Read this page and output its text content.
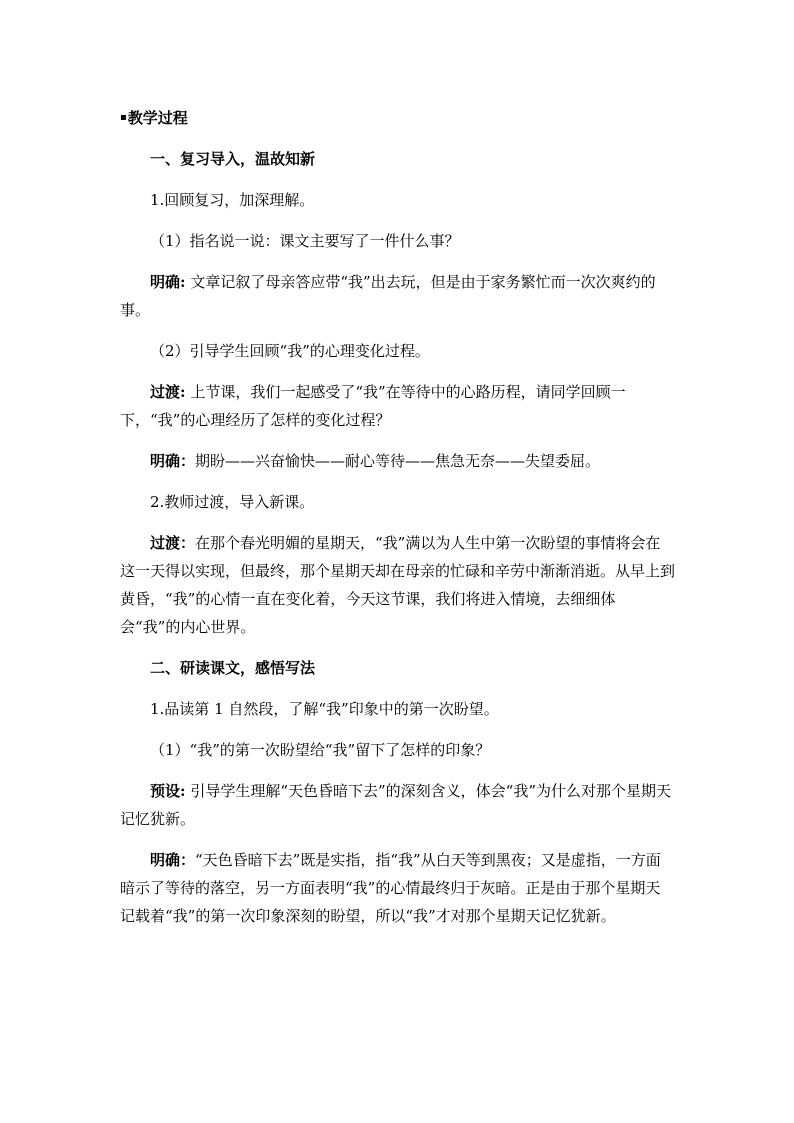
▪教学过程
一、复习导入，温故知新
1.回顾复习，加深理解。
（1）指名说一说：课文主要写了一件什么事？
明确: 文章记叙了母亲答应带“我”出去玩，但是由于家务繁忙而一次次爽约的事。
（2）引导学生回顾“我”的心理变化过程。
过渡: 上节课，我们一起感受了“我”在等待中的心路历程，请同学回顾一下，“我”的心理经历了怎样的变化过程？
明确：期盼——兴奋愉快——耐心等待——焦急无奈——失望委屈。
2.教师过渡，导入新课。
过渡：在那个春光明媚的星期天，“我”满以为人生中第一次盼望的事情将会在这一天得以实现，但最终，那个星期天却在母亲的忙碌和辛劳中渐渐消逝。从早上到黄昏，“我”的心情一直在变化着，今天这节课，我们将进入情境，去细细体会“我”的内心世界。
二、研读课文，感悟写法
1.品读第 1 自然段，了解“我”印象中的第一次盼望。
（1）“我”的第一次盼望给“我”留下了怎样的印象？
预设: 引导学生理解“天色昏暗下去”的深刻含义，体会“我”为什么对那个星期天记忆犹新。
明确：“天色昏暗下去”既是实指，指“我”从白天等到黑夜；又是虚指，一方面暗示了等待的落空，另一方面表明“我”的心情最终归于灰暗。正是由于那个星期天记载着“我”的第一次印象深刻的盼望，所以“我”才对那个星期天记忆犹新。
